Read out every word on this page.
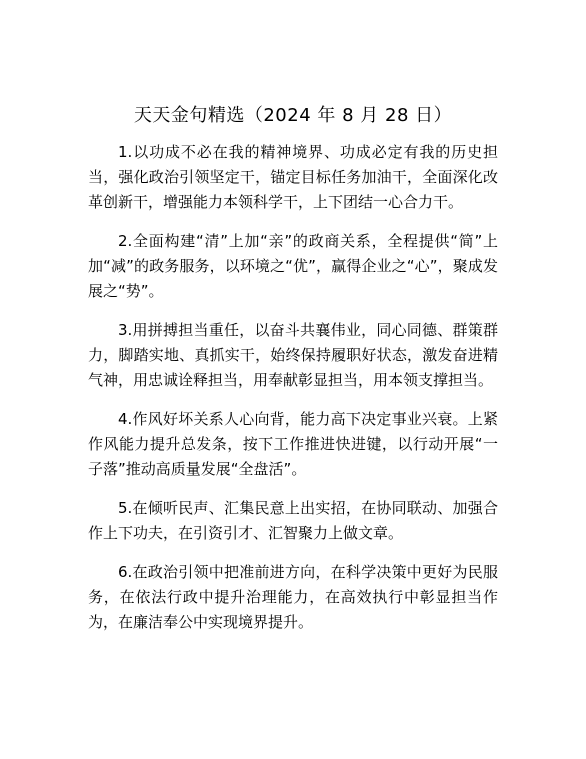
天天金句精选（2024 年 8 月 28 日）

1.以功成不必在我的精神境界、功成必定有我的历史担当，强化政治引领坚定干，锚定目标任务加油干，全面深化改革创新干，增强能力本领科学干，上下团结一心合力干。

2.全面构建“清”上加“亲”的政商关系，全程提供“简”上加“减”的政务服务，以环境之“优”，赢得企业之“心”，聚成发展之“势”。

3.用拼搏担当重任，以奋斗共襄伟业，同心同德、群策群力，脚踏实地、真抓实干，始终保持履职好状态，激发奋进精气神，用忠诚诠释担当，用奉献彰显担当，用本领支撑担当。

4.作风好坏关系人心向背，能力高下决定事业兴衰。上紧作风能力提升总发条，按下工作推进快进键，以行动开展“一子落”推动高质量发展“全盘活”。

5.在倾听民声、汇集民意上出实招，在协同联动、加强合作上下功夫，在引资引才、汇智聚力上做文章。

6.在政治引领中把准前进方向，在科学决策中更好为民服务，在依法行政中提升治理能力，在高效执行中彰显担当作为，在廉洁奉公中实现境界提升。
